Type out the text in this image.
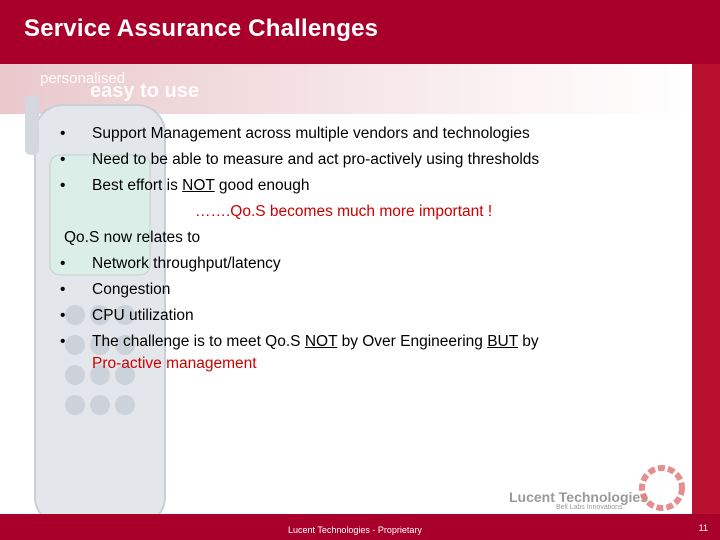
Service Assurance Challenges
personalised
easy to use
• Support Management across multiple vendors and technologies
• Need to be able to measure and act pro-actively using thresholds
• Best effort is NOT good enough
…….Qo.S becomes much more important !
Qo.S now relates to
• Network throughput/latency
• Congestion
• CPU utilization
• The challenge is to meet Qo.S NOT by Over Engineering BUT by
Pro-active management
Lucent Technologies
Bell Labs Innovations
Lucent Technologies - Proprietary	11
